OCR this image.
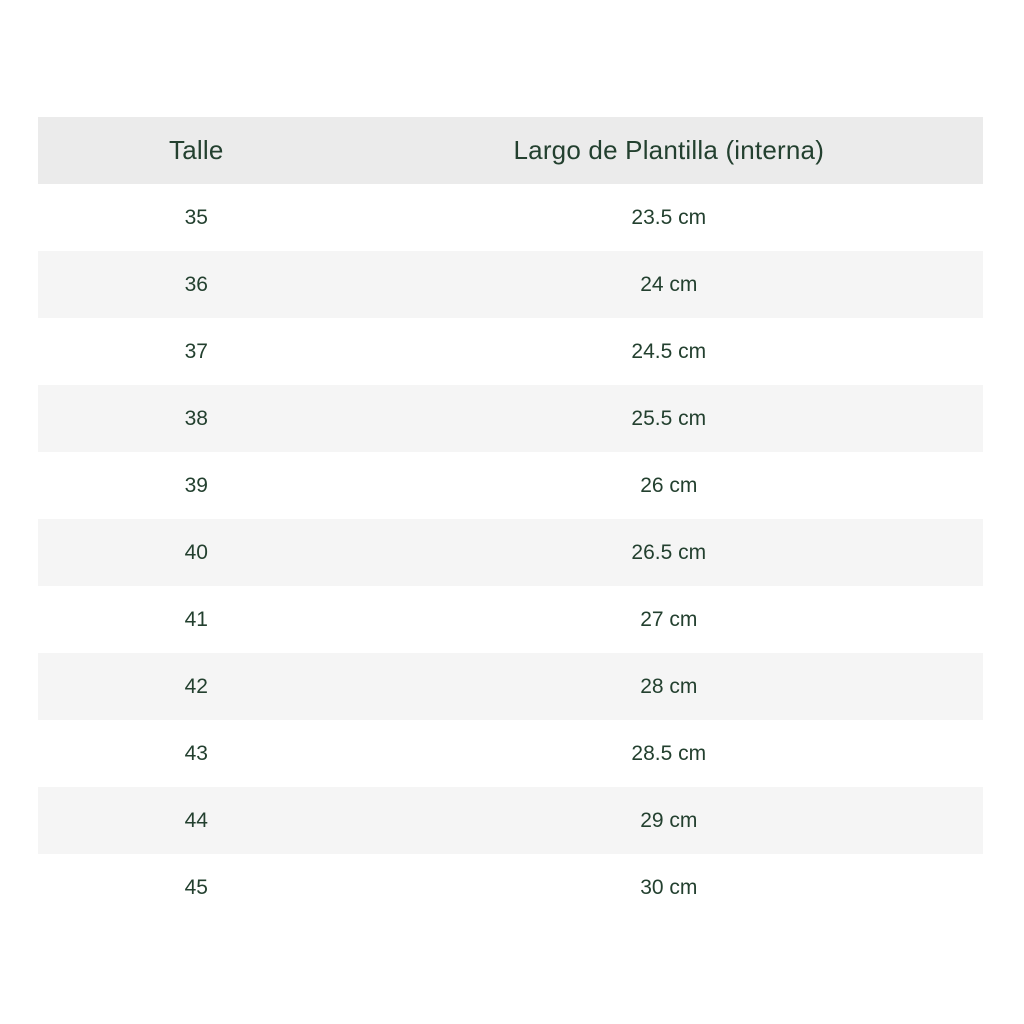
Talle	Largo de Plantilla (interna)
35	23.5 cm
36	24 cm
37	24.5 cm
38	25.5 cm
39	26 cm
40	26.5 cm
41	27 cm
42	28 cm
43	28.5 cm
44	29 cm
45	30 cm
